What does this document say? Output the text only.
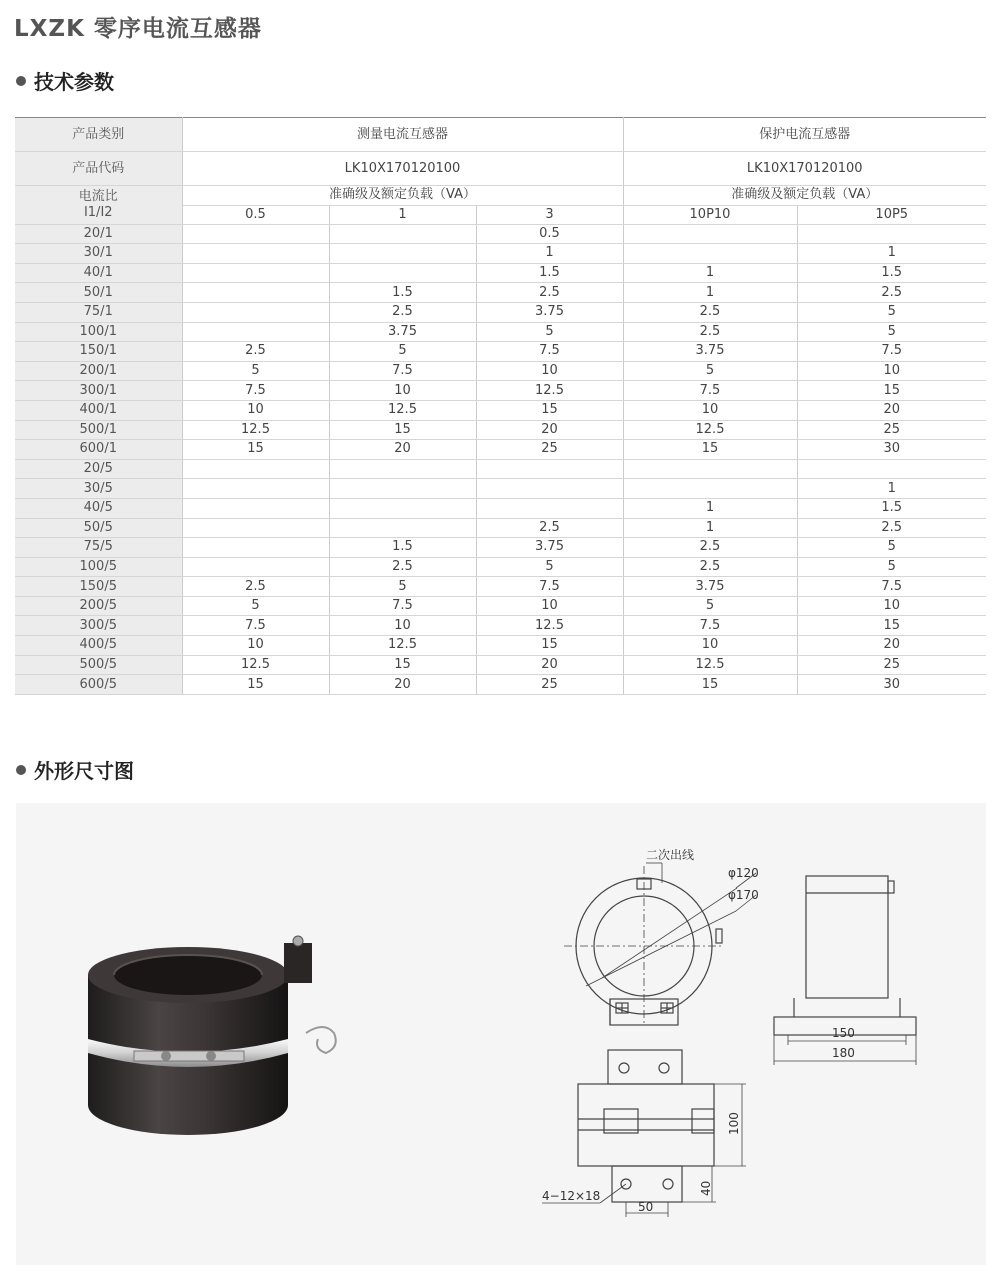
LXZK 零序电流互感器
技术参数
产品类别	测量电流互感器			保护电流互感器	
产品代码	LK10X170120100			LK10X170120100	
电流比
I1/I2	准确级及额定负载（VA）			准确级及额定负载（VA）	
	0.5	1	3	10P10	10P5
20/1			0.5		
30/1			1		1
40/1			1.5	1	1.5
50/1		1.5	2.5	1	2.5
75/1		2.5	3.75	2.5	5
100/1		3.75	5	2.5	5
150/1	2.5	5	7.5	3.75	7.5
200/1	5	7.5	10	5	10
300/1	7.5	10	12.5	7.5	15
400/1	10	12.5	15	10	20
500/1	12.5	15	20	12.5	25
600/1	15	20	25	15	30
20/5					
30/5					1
40/5				1	1.5
50/5			2.5	1	2.5
75/5		1.5	3.75	2.5	5
100/5		2.5	5	2.5	5
150/5	2.5	5	7.5	3.75	7.5
200/5	5	7.5	10	5	10
300/5	7.5	10	12.5	7.5	15
400/5	10	12.5	15	10	20
500/5	12.5	15	20	12.5	25
600/5	15	20	25	15	30
外形尺寸图
二次出线
φ120
φ170
150
180
100
40
50
4−12×18
